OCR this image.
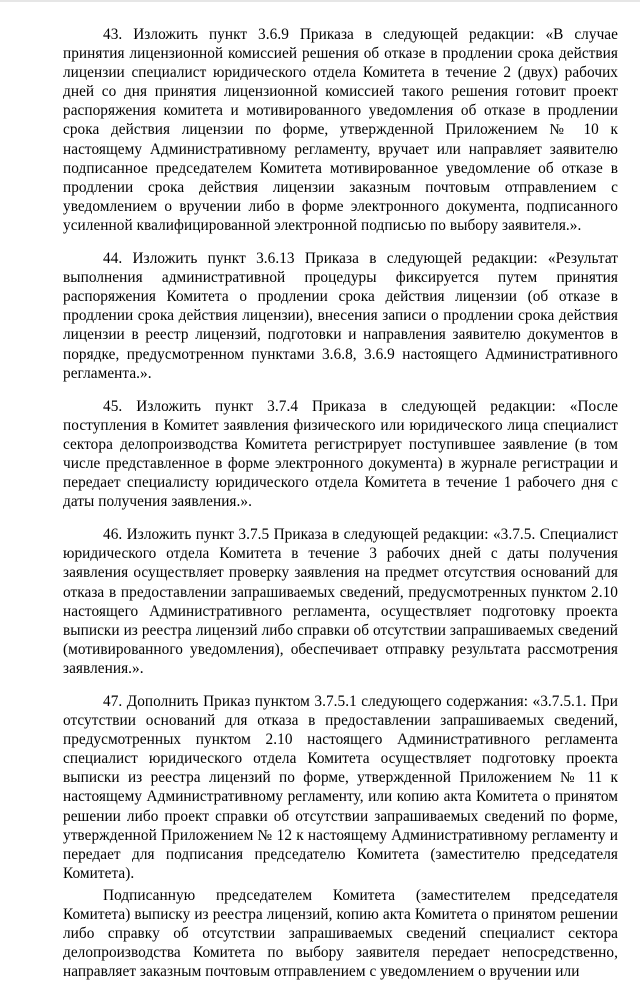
43. Изложить пункт 3.6.9 Приказа в следующей редакции: «В случае принятия лицензионной комиссией решения об отказе в продлении срока действия лицензии специалист юридического отдела Комитета в течение 2 (двух) рабочих дней со дня принятия лицензионной комиссией такого решения готовит проект распоряжения комитета и мотивированного уведомления об отказе в продлении срока действия лицензии по форме, утвержденной Приложением № 10 к настоящему Административному регламенту, вручает или направляет заявителю подписанное председателем Комитета мотивированное уведомление об отказе в продлении срока действия лицензии заказным почтовым отправлением с уведомлением о вручении либо в форме электронного документа, подписанного усиленной квалифицированной электронной подписью по выбору заявителя.».

44. Изложить пункт 3.6.13 Приказа в следующей редакции: «Результат выполнения административной процедуры фиксируется путем принятия распоряжения Комитета о продлении срока действия лицензии (об отказе в продлении срока действия лицензии), внесения записи о продлении срока действия лицензии в реестр лицензий, подготовки и направления заявителю документов в порядке, предусмотренном пунктами 3.6.8, 3.6.9 настоящего Административного регламента.».

45. Изложить пункт 3.7.4 Приказа в следующей редакции: «После поступления в Комитет заявления физического или юридического лица специалист сектора делопроизводства Комитета регистрирует поступившее заявление (в том числе представленное в форме электронного документа) в журнале регистрации и передает специалисту юридического отдела Комитета в течение 1 рабочего дня с даты получения заявления.».

46. Изложить пункт 3.7.5 Приказа в следующей редакции: «3.7.5. Специалист юридического отдела Комитета в течение 3 рабочих дней с даты получения заявления осуществляет проверку заявления на предмет отсутствия оснований для отказа в предоставлении запрашиваемых сведений, предусмотренных пунктом 2.10 настоящего Административного регламента, осуществляет подготовку проекта выписки из реестра лицензий либо справки об отсутствии запрашиваемых сведений (мотивированного уведомления), обеспечивает отправку результата рассмотрения заявления.».

47. Дополнить Приказ пунктом 3.7.5.1 следующего содержания: «3.7.5.1. При отсутствии оснований для отказа в предоставлении запрашиваемых сведений, предусмотренных пунктом 2.10 настоящего Административного регламента специалист юридического отдела Комитета осуществляет подготовку проекта выписки из реестра лицензий по форме, утвержденной Приложением № 11 к настоящему Административному регламенту, или копию акта Комитета о принятом решении либо проект справки об отсутствии запрашиваемых сведений по форме, утвержденной Приложением № 12 к настоящему Административному регламенту и передает для подписания председателю Комитета (заместителю председателя Комитета).

Подписанную председателем Комитета (заместителем председателя Комитета) выписку из реестра лицензий, копию акта Комитета о принятом решении либо справку об отсутствии запрашиваемых сведений специалист сектора делопроизводства Комитета по выбору заявителя передает непосредственно, направляет заказным почтовым отправлением с уведомлением о вручении или
